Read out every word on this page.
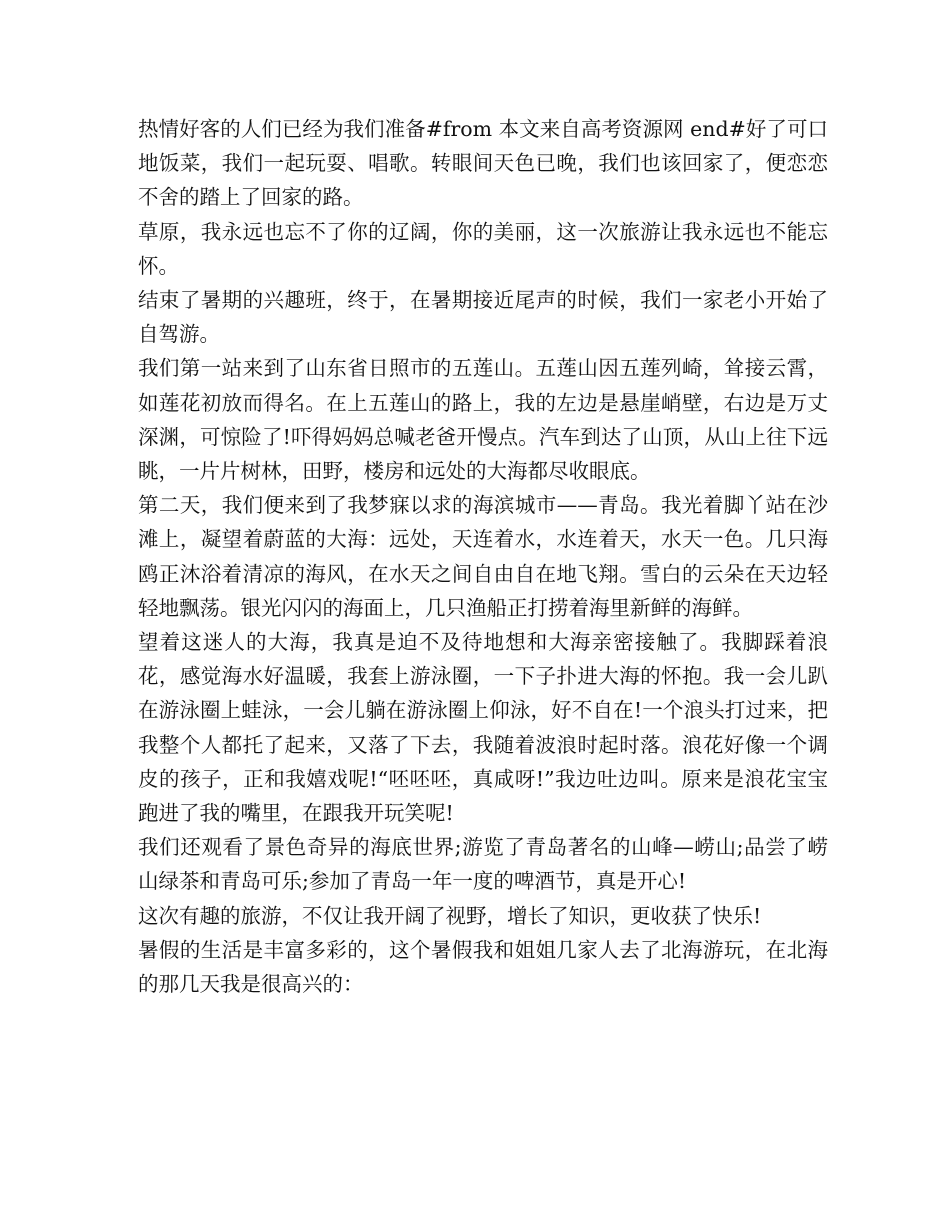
热情好客的人们已经为我们准备#from 本文来自高考资源网 end#好了可口地饭菜，我们一起玩耍、唱歌。转眼间天色已晚，我们也该回家了，便恋恋不舍的踏上了回家的路。

草原，我永远也忘不了你的辽阔，你的美丽，这一次旅游让我永远也不能忘怀。

结束了暑期的兴趣班，终于，在暑期接近尾声的时候，我们一家老小开始了自驾游。

我们第一站来到了山东省日照市的五莲山。五莲山因五莲列崎，耸接云霄，如莲花初放而得名。在上五莲山的路上，我的左边是悬崖峭壁，右边是万丈深渊，可惊险了!吓得妈妈总喊老爸开慢点。汽车到达了山顶，从山上往下远眺，一片片树林，田野，楼房和远处的大海都尽收眼底。

第二天，我们便来到了我梦寐以求的海滨城市——青岛。我光着脚丫站在沙滩上，凝望着蔚蓝的大海：远处，天连着水，水连着天，水天一色。几只海鸥正沐浴着清凉的海风，在水天之间自由自在地飞翔。雪白的云朵在天边轻轻地飘荡。银光闪闪的海面上，几只渔船正打捞着海里新鲜的海鲜。

望着这迷人的大海，我真是迫不及待地想和大海亲密接触了。我脚踩着浪花，感觉海水好温暖，我套上游泳圈，一下子扑进大海的怀抱。我一会儿趴在游泳圈上蛙泳，一会儿躺在游泳圈上仰泳，好不自在!一个浪头打过来，把我整个人都托了起来，又落了下去，我随着波浪时起时落。浪花好像一个调皮的孩子，正和我嬉戏呢!“呸呸呸，真咸呀!”我边吐边叫。原来是浪花宝宝跑进了我的嘴里，在跟我开玩笑呢!

我们还观看了景色奇异的海底世界;游览了青岛著名的山峰—崂山;品尝了崂山绿茶和青岛可乐;参加了青岛一年一度的啤酒节，真是开心!

这次有趣的旅游，不仅让我开阔了视野，增长了知识，更收获了快乐!

暑假的生活是丰富多彩的，这个暑假我和姐姐几家人去了北海游玩，在北海的那几天我是很高兴的：
